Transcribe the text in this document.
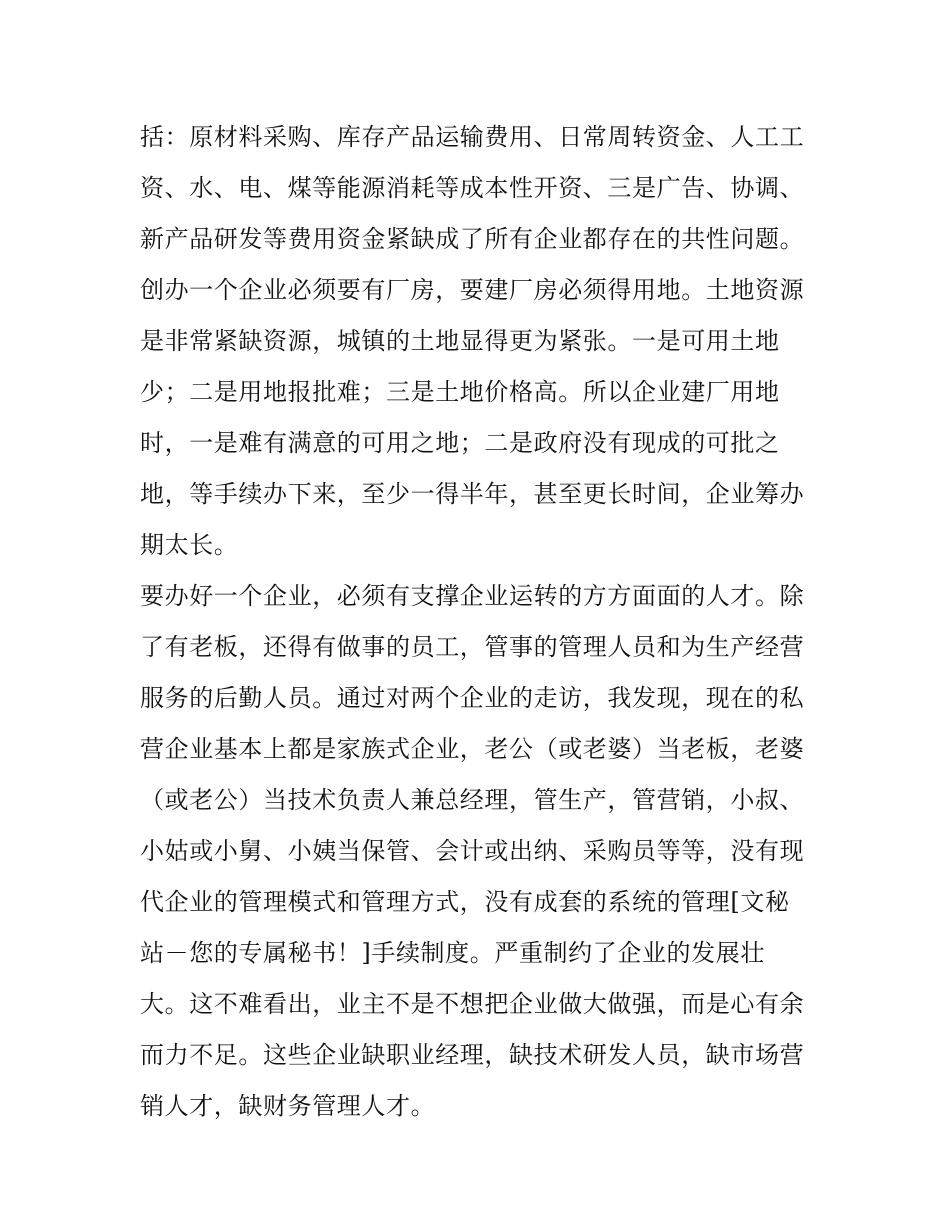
括：原材料采购、库存产品运输费用、日常周转资金、人工工
资、水、电、煤等能源消耗等成本性开资、三是广告、协调、
新产品研发等费用资金紧缺成了所有企业都存在的共性问题。
创办一个企业必须要有厂房，要建厂房必须得用地。土地资源
是非常紧缺资源，城镇的土地显得更为紧张。一是可用土地
少；二是用地报批难；三是土地价格高。所以企业建厂用地
时，一是难有满意的可用之地；二是政府没有现成的可批之
地，等手续办下来，至少一得半年，甚至更长时间，企业筹办
期太长。
要办好一个企业，必须有支撑企业运转的方方面面的人才。除
了有老板，还得有做事的员工，管事的管理人员和为生产经营
服务的后勤人员。通过对两个企业的走访，我发现，现在的私
营企业基本上都是家族式企业，老公（或老婆）当老板，老婆
（或老公）当技术负责人兼总经理，管生产，管营销，小叔、
小姑或小舅、小姨当保管、会计或出纳、采购员等等，没有现
代企业的管理模式和管理方式，没有成套的系统的管理[文秘
站－您的专属秘书！]手续制度。严重制约了企业的发展壮
大。这不难看出，业主不是不想把企业做大做强，而是心有余
而力不足。这些企业缺职业经理，缺技术研发人员，缺市场营
销人才，缺财务管理人才。
